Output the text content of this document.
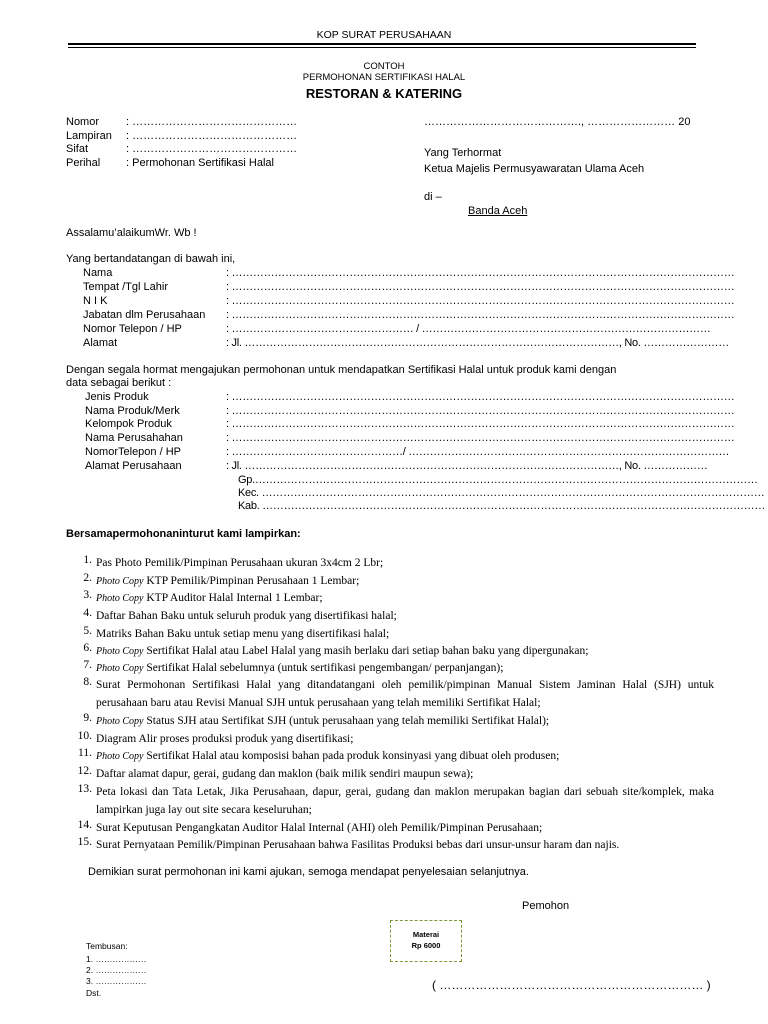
KOP SURAT PERUSAHAAN
CONTOH
PERMOHONAN SERTIFIKASI HALAL
RESTORAN & KATERING
Nomor : ………………………………………
Lampiran : ………………………………………
Sifat	: ………………………………………
Perihal : Permohonan Sertifikasi Halal
……………………………………., …………………… 20
Yang Terhormat
Ketua Majelis Permusyawaratan Ulama Aceh
di –
Banda Aceh
Assalamu’alaikumWr. Wb !
Yang bertandatangan di bawah ini,
Nama	: ……………………………………………………………………………………………………………………………
Tempat /Tgl Lahir	: ……………………………………………………………………………………………………………………………
N I K	: ……………………………………………………………………………………………………………………………
Jabatan dlm Perusahaan : ……………………………………………………………………………………………………………………………
Nomor Telepon / HP	: …………………………………………… / ………………………………………………………………………
Alamat	: Jl. ……………………………………………………………………………………………, No. ……………………
Dengan segala hormat mengajukan permohonan untuk mendapatkan Sertifikasi Halal untuk produk kami dengan
data sebagai berikut :
Jenis Produk	: ……………………………………………………………………………………………………………………………
Nama Produk/Merk	: ……………………………………………………………………………………………………………………………
Kelompok Produk	: ……………………………………………………………………………………………………………………………
Nama Perusahahan	: ……………………………………………………………………………………………………………………………
NomorTelepon / HP	: …………………………………………/ ………………………………………………………………………………
Alamat Perusahaan	: Jl. ……………………………………………………………………………………………, No. ………………
Gp.……………………………………………………………………………………………………………………………
Kec. ……………………………………………………………………………………………………………………………
Kab. ……………………………………………………………………………………………………………………………
Bersamapermohonaninturut kami lampirkan:
1. Pas Photo Pemilik/Pimpinan Perusahaan ukuran 3x4cm 2 Lbr;
2. Photo Copy KTP Pemilik/Pimpinan Perusahaan 1 Lembar;
3. Photo Copy KTP Auditor Halal Internal 1 Lembar;
4. Daftar Bahan Baku untuk seluruh produk yang disertifikasi halal;
5. Matriks Bahan Baku untuk setiap menu yang disertifikasi halal;
6. Photo Copy Sertifikat Halal atau Label Halal yang masih berlaku dari setiap bahan baku yang dipergunakan;
7. Photo Copy Sertifikat Halal sebelumnya (untuk sertifikasi pengembangan/ perpanjangan);
8. Surat Permohonan Sertifikasi Halal yang ditandatangani oleh pemilik/pimpinan Manual Sistem Jaminan Halal (SJH) untuk perusahaan baru atau Revisi Manual SJH untuk perusahaan yang telah memiliki Sertifikat Halal;
9. Photo Copy Status SJH atau Sertifikat SJH (untuk perusahaan yang telah memiliki Sertifikat Halal);
10. Diagram Alir proses produksi produk yang disertifikasi;
11. Photo Copy Sertifikat Halal atau komposisi bahan pada produk konsinyasi yang dibuat oleh produsen;
12. Daftar alamat dapur, gerai, gudang dan maklon (baik milik sendiri maupun sewa);
13. Peta lokasi dan Tata Letak, Jika Perusahaan, dapur, gerai, gudang dan maklon merupakan bagian dari sebuah site/komplek, maka lampirkan juga lay out site secara keseluruhan;
14. Surat Keputusan Pengangkatan Auditor Halal Internal (AHI) oleh Pemilik/Pimpinan Perusahaan;
15. Surat Pernyataan Pemilik/Pimpinan Perusahaan bahwa Fasilitas Produksi bebas dari unsur-unsur haram dan najis.
Demikian surat permohonan ini kami ajukan, semoga mendapat penyelesaian selanjutnya.
Pemohon
Materai
Rp 6000
( ………………………………………………………… )
Tembusan:
1. ………………
2. ………………
3. ………………
Dst.
